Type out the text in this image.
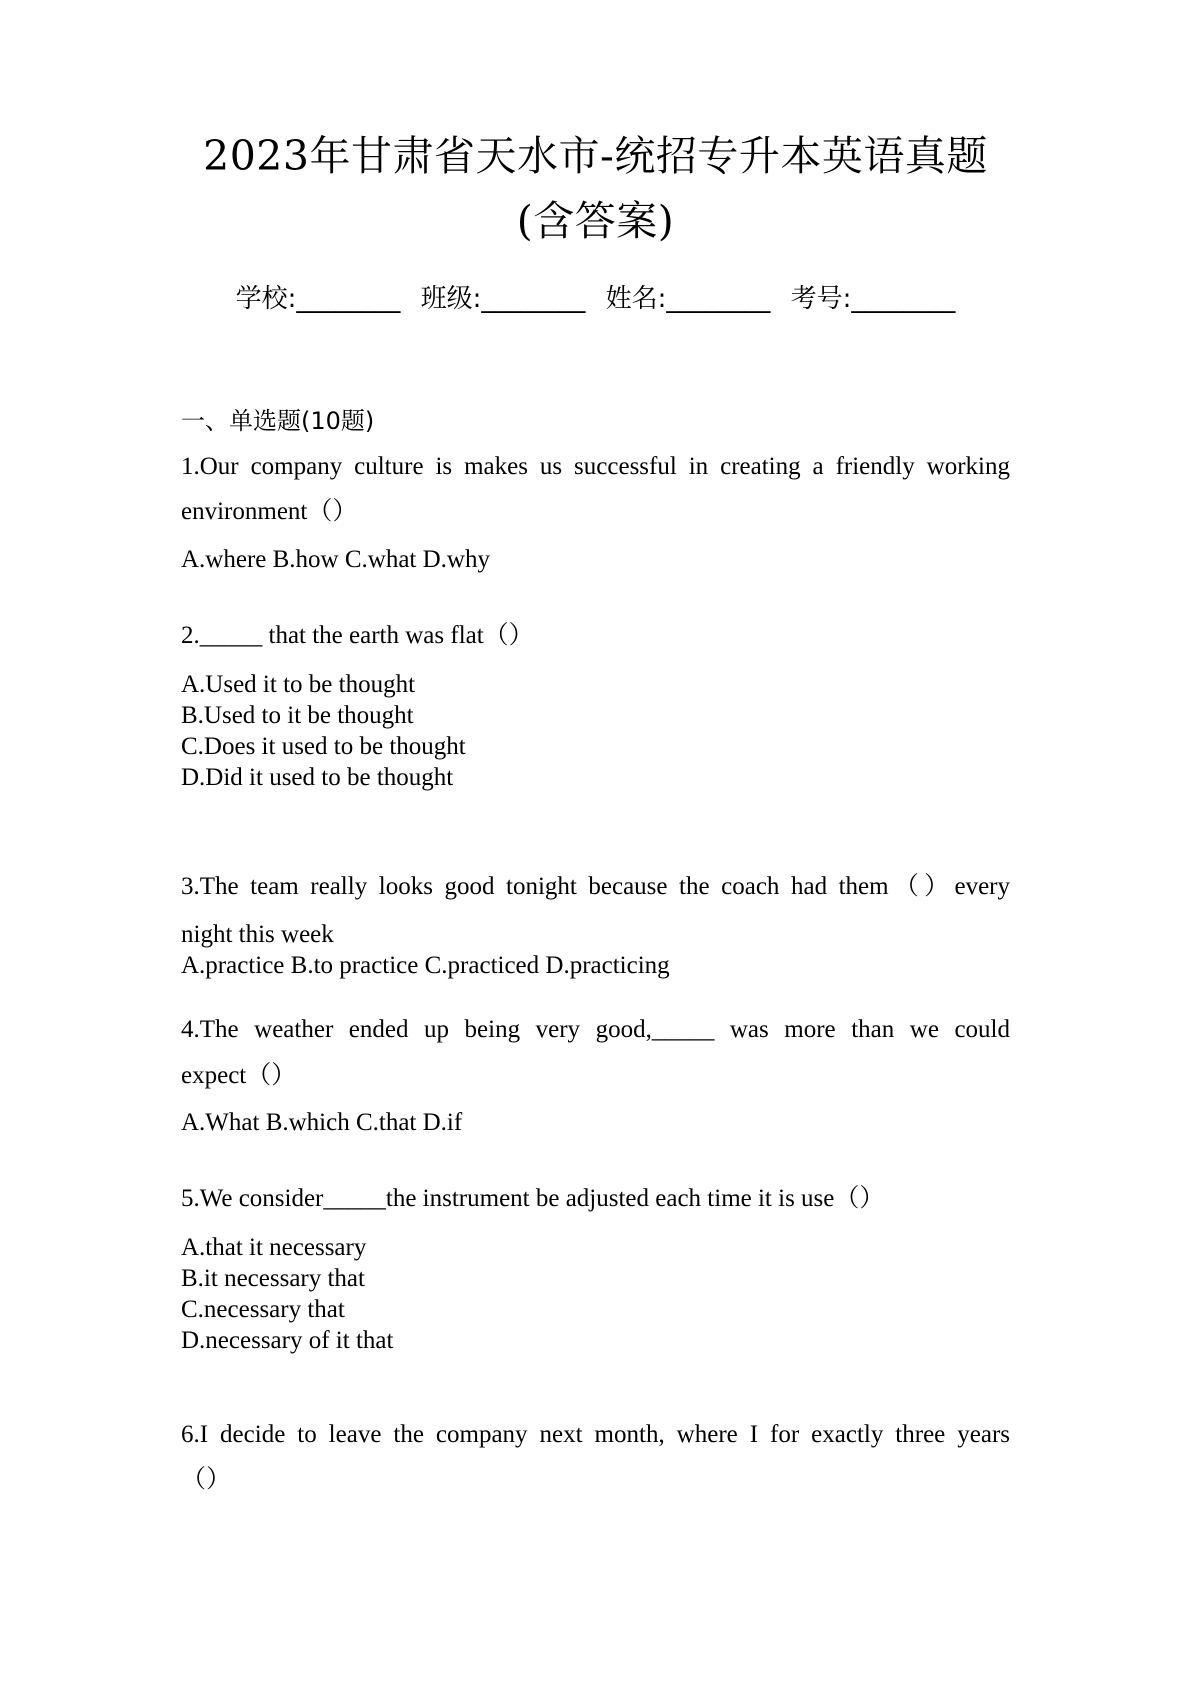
2023年甘肃省天水市-统招专升本英语真题
(含答案)
学校:________ 班级:________ 姓名:________ 考号:________
一、单选题(10题)
1.Our company culture is makes us successful in creating a friendly working
environment（）
A.where B.how C.what D.why
2._____ that the earth was flat（）
A.Used it to be thought
B.Used to it be thought
C.Does it used to be thought
D.Did it used to be thought
3.The team really looks good tonight because the coach had them（）every
night this week
A.practice B.to practice C.practiced D.practicing
4.The weather ended up being very good,_____ was more than we could
expect（）
A.What B.which C.that D.if
5.We consider_____the instrument be adjusted each time it is use（）
A.that it necessary
B.it necessary that
C.necessary that
D.necessary of it that
6.I decide to leave the company next month, where I for exactly three years
（）
